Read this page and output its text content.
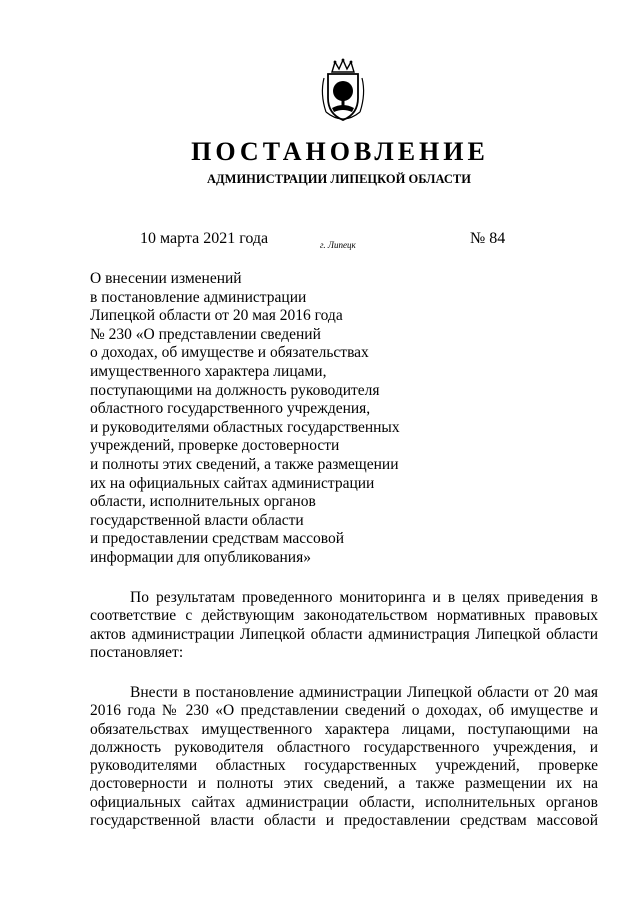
ПОСТАНОВЛЕНИЕ
АДМИНИСТРАЦИИ ЛИПЕЦКОЙ ОБЛАСТИ
10 марта 2021 года	г. Липецк	№ 84
О внесении изменений
в постановление администрации
Липецкой области от 20 мая 2016 года
№ 230 «О представлении сведений
о доходах, об имуществе и обязательствах
имущественного характера лицами,
поступающими на должность руководителя
областного государственного учреждения,
и руководителями областных государственных
учреждений, проверке достоверности
и полноты этих сведений, а также размещении
их на официальных сайтах администрации
области, исполнительных органов
государственной власти области
и предоставлении средствам массовой
информации для опубликования»
По результатам проведенного мониторинга и в целях приведения в
соответствие с действующим законодательством нормативных правовых
актов администрации Липецкой области администрация Липецкой области
постановляет:
Внести в постановление администрации Липецкой области от 20 мая
2016 года № 230 «О представлении сведений о доходах, об имуществе и
обязательствах имущественного характера лицами, поступающими на
должность руководителя областного государственного учреждения, и
руководителями областных государственных учреждений, проверке
достоверности и полноты этих сведений, а также размещении их на
официальных сайтах администрации области, исполнительных органов
государственной власти области и предоставлении средствам массовой
